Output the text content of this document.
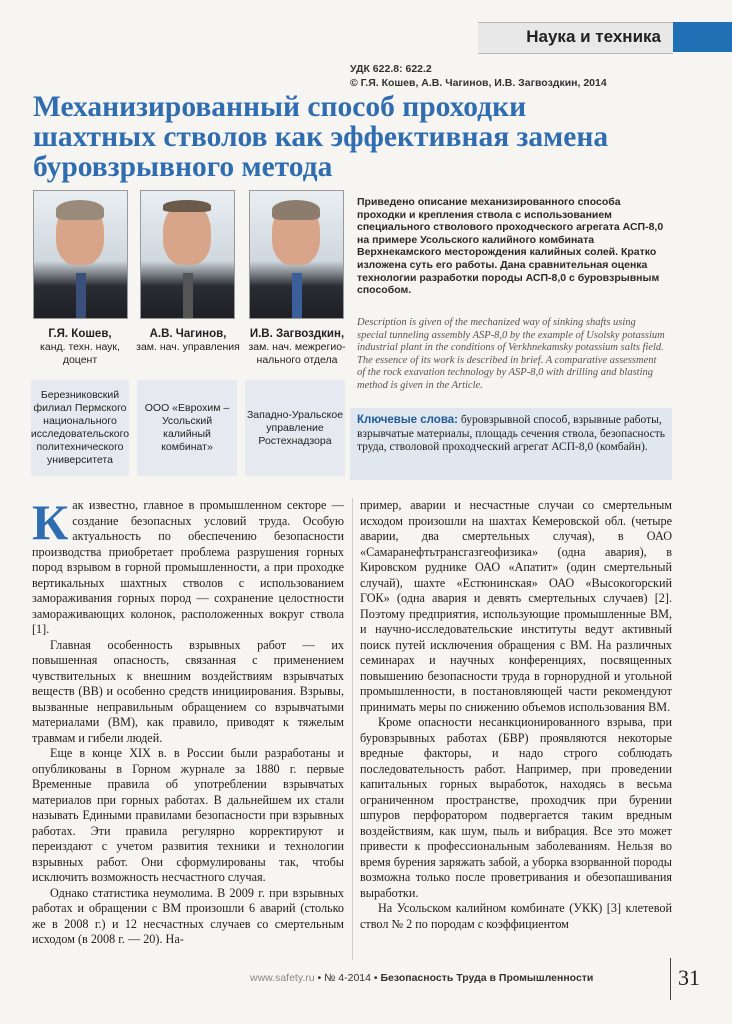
Наука и техника
УДК 622.8: 622.2
© Г.Я. Кошев, А.В. Чагинов, И.В. Загвоздкин, 2014
Механизированный способ проходки шахтных стволов как эффективная замена буровзрывного метода
Г.Я. Кошев,
канд. техн. наук, доцент
А.В. Чагинов,
зам. нач. управления
И.В. Загвоздкин,
зам. нач. межрегио-нального отдела
Березниковский филиал Пермского национального исследовательского политехнического университета
ООО «Еврохим – Усольский калийный комбинат»
Западно-Уральское управление Ростехнадзора
Приведено описание механизированного способа проходки и крепления ствола с использованием специального стволового проходческого агрегата АСП-8,0 на примере Усольского калийного комбината Верхнекамского месторождения калийных солей. Кратко изложена суть его работы. Дана сравнительная оценка технологии разработки породы АСП-8,0 с буровзрывным способом.
Description is given of the mechanized way of sinking shafts using special tunneling assembly ASP-8,0 by the example of Usolsky potassium industrial plant in the conditions of Verkhnekamsky potassium salts field. The essence of its work is described in brief. A comparative assessment of the rock exavation technology by ASP-8,0 with drilling and blasting method is given in the Article.

Ключевые слова: буровзрывной способ, взрывные работы, взрывчатые материалы, площадь сечения ствола, безопасность труда, стволовой проходческий агрегат АСП-8,0 (комбайн).

Как известно, главное в промышленном секторе — создание безопасных условий труда. Особую актуальность по обеспечению безопасности производства приобретает проблема разрушения горных пород взрывом в горной промышленности, а при проходке вертикальных шахтных стволов с использованием замораживания горных пород — сохранение целостности замораживающих колонок, расположенных вокруг ствола [1].

Главная особенность взрывных работ — их повышенная опасность, связанная с применением чувствительных к внешним воздействиям взрывчатых веществ (ВВ) и особенно средств инициирования. Взрывы, вызванные неправильным обращением со взрывчатыми материалами (ВМ), как правило, приводят к тяжелым травмам и гибели людей.

Еще в конце XIX в. в России были разработаны и опубликованы в Горном журнале за 1880 г. первые Временные правила об употреблении взрывчатых материалов при горных работах. В дальнейшем их стали называть Едиными правилами безопасности при взрывных работах. Эти правила регулярно корректируют и переиздают с учетом развития техники и технологии взрывных работ. Они сформулированы так, чтобы исключить возможность несчастного случая.

Однако статистика неумолима. В 2009 г. при взрывных работах и обращении с ВМ произошли 6 аварий (столько же в 2008 г.) и 12 несчастных случаев со смертельным исходом (в 2008 г. — 20). На-

пример, аварии и несчастные случаи со смертельным исходом произошли на шахтах Кемеровской обл. (четыре аварии, два смертельных случая), в ОАО «Самаранефтьтрансгазгеофизика» (одна авария), в Кировском руднике ОАО «Апатит» (один смертельный случай), шахте «Естюнинская» ОАО «Высокогорский ГОК» (одна авария и девять смертельных случаев) [2]. Поэтому предприятия, использующие промышленные ВМ, и научно-исследовательские институты ведут активный поиск путей исключения обращения с ВМ. На различных семинарах и научных конференциях, посвященных повышению безопасности труда в горнорудной и угольной промышленности, в постановляющей части рекомендуют принимать меры по снижению объемов использования ВМ.

Кроме опасности несанкционированного взрыва, при буровзрывных работах (БВР) проявляются некоторые вредные факторы, и надо строго соблюдать последовательность работ. Например, при проведении капитальных горных выработок, находясь в весьма ограниченном пространстве, проходчик при бурении шпуров перфоратором подвергается таким вредным воздействиям, как шум, пыль и вибрация. Все это может привести к профессиональным заболеваниям. Нельзя во время бурения заряжать забой, а уборка взорванной породы возможна только после проветривания и обезопашивания выработки.

На Усольском калийном комбинате (УКК) [3] клетевой ствол № 2 по породам с коэффициентом

www.safety.ru • № 4-2014 • Безопасность Труда в Промышленности	31
